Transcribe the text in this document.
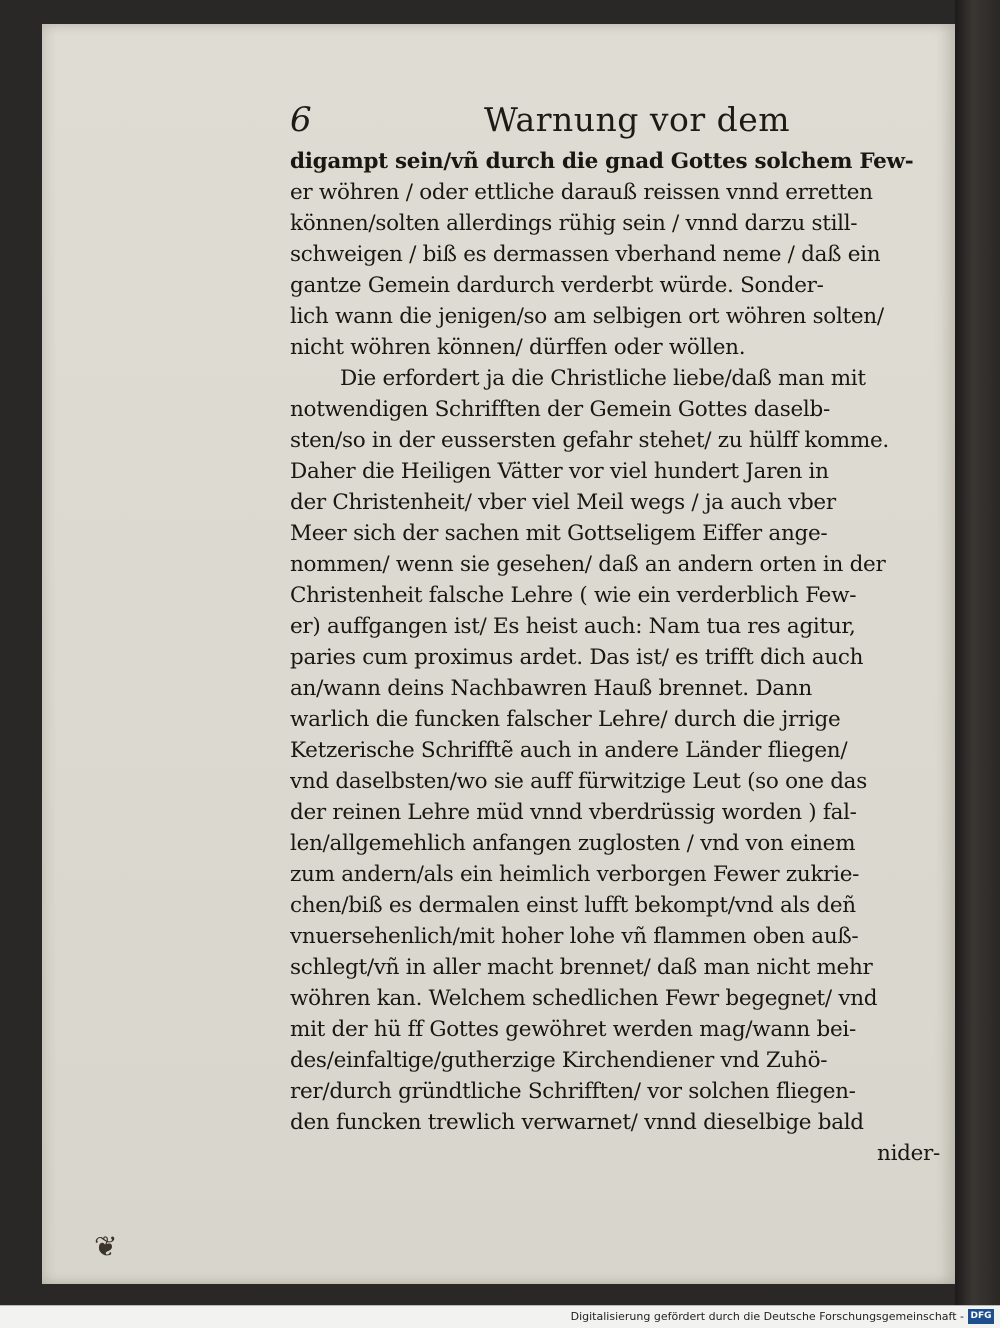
6	Warnung vor dem
digampt sein/vñ durch die gnad Gottes solchem Few-
er wöhren / oder ettliche darauß reissen vnnd erretten
können/solten allerdings rühig sein / vnnd darzu still-
schweigen / biß es dermassen vberhand neme / daß ein
gantze Gemein dardurch verderbt würde. Sonder-
lich wann die jenigen/so am selbigen ort wöhren solten/
nicht wöhren können/ dürffen oder wöllen.
Die erfordert ja die Christliche liebe/daß man mit
notwendigen Schrifften der Gemein Gottes daselb-
sten/so in der eussersten gefahr stehet/ zu hülff komme.
Daher die Heiligen Vätter vor viel hundert Jaren in
der Christenheit/ vber viel Meil wegs / ja auch vber
Meer sich der sachen mit Gottseligem Eiffer ange-
nommen/ wenn sie gesehen/ daß an andern orten in der
Christenheit falsche Lehre ( wie ein verderblich Few-
er) auffgangen ist/ Es heist auch: Nam tua res agitur,
paries cum proximus ardet. Das ist/ es trifft dich auch
an/wann deins Nachbawren Hauß brennet. Dann
warlich die funcken falscher Lehre/ durch die jrrige
Ketzerische Schrifftẽ auch in andere Länder fliegen/
vnd daselbsten/wo sie auff fürwitzige Leut (so one das
der reinen Lehre müd vnnd vberdrüssig worden ) fal-
len/allgemehlich anfangen zuglosten / vnd von einem
zum andern/als ein heimlich verborgen Fewer zukrie-
chen/biß es dermalen einst lufft bekompt/vnd als deñ
vnuersehenlich/mit hoher lohe vñ flammen oben auß-
schlegt/vñ in aller macht brennet/ daß man nicht mehr
wöhren kan. Welchem schedlichen Fewr begegnet/ vnd
mit der hü ff Gottes gewöhret werden mag/wann bei-
des/einfaltige/gutherzige Kirchendiener vnd Zuhö-
rer/durch gründtliche Schrifften/ vor solchen fliegen-
den funcken trewlich verwarnet/ vnnd dieselbige bald
nider-
❦
Digitalisierung gefördert durch die Deutsche Forschungsgemeinschaft - DFG
